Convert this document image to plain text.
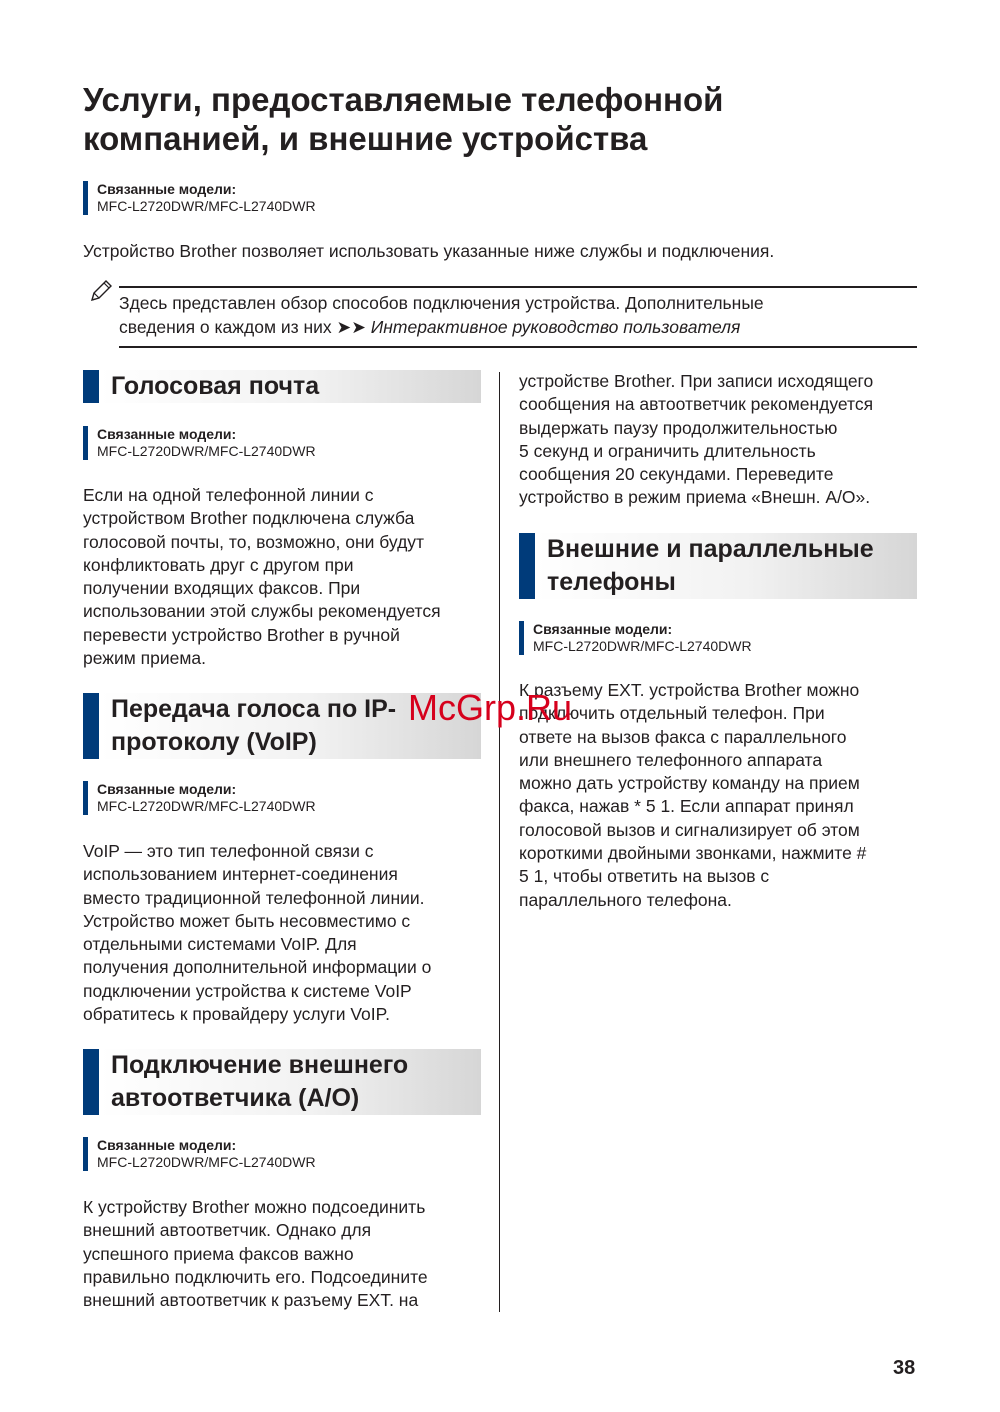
Услуги, предоставляемые телефонной
компанией, и внешние устройства
Связанные модели:
MFC-L2720DWR/MFC-L2740DWR
Устройство Brother позволяет использовать указанные ниже службы и подключения.
Здесь представлен обзор способов подключения устройства. Дополнительные
сведения о каждом из них ➤➤ Интерактивное руководство пользователя
Голосовая почта
Связанные модели:
MFC-L2720DWR/MFC-L2740DWR
Если на одной телефонной линии с
устройством Brother подключена служба
голосовой почты, то, возможно, они будут
конфликтовать друг с другом при
получении входящих факсов. При
использовании этой службы рекомендуется
перевести устройство Brother в ручной
режим приема.
Передача голоса по IP-
протоколу (VoIP)
Связанные модели:
MFC-L2720DWR/MFC-L2740DWR
VoIP — это тип телефонной связи с
использованием интернет-соединения
вместо традиционной телефонной линии.
Устройство может быть несовместимо с
отдельными системами VoIP. Для
получения дополнительной информации о
подключении устройства к системе VoIP
обратитесь к провайдеру услуги VoIP.
Подключение внешнего
автоответчика (А/О)
Связанные модели:
MFC-L2720DWR/MFC-L2740DWR
К устройству Brother можно подсоединить
внешний автоответчик. Однако для
успешного приема факсов важно
правильно подключить его. Подсоедините
внешний автоответчик к разъему EXT. на
устройстве Brother. При записи исходящего
сообщения на автоответчик рекомендуется
выдержать паузу продолжительностью
5 секунд и ограничить длительность
сообщения 20 секундами. Переведите
устройство в режим приема «Внешн. А/О».
Внешние и параллельные
телефоны
Связанные модели:
MFC-L2720DWR/MFC-L2740DWR
К разъему EXT. устройства Brother можно
подключить отдельный телефон. При
ответе на вызов факса с параллельного
или внешнего телефонного аппарата
можно дать устройству команду на прием
факса, нажав * 5 1. Если аппарат принял
голосовой вызов и сигнализирует об этом
короткими двойными звонками, нажмите #
5 1, чтобы ответить на вызов с
параллельного телефона.
McGrp.Ru
38
